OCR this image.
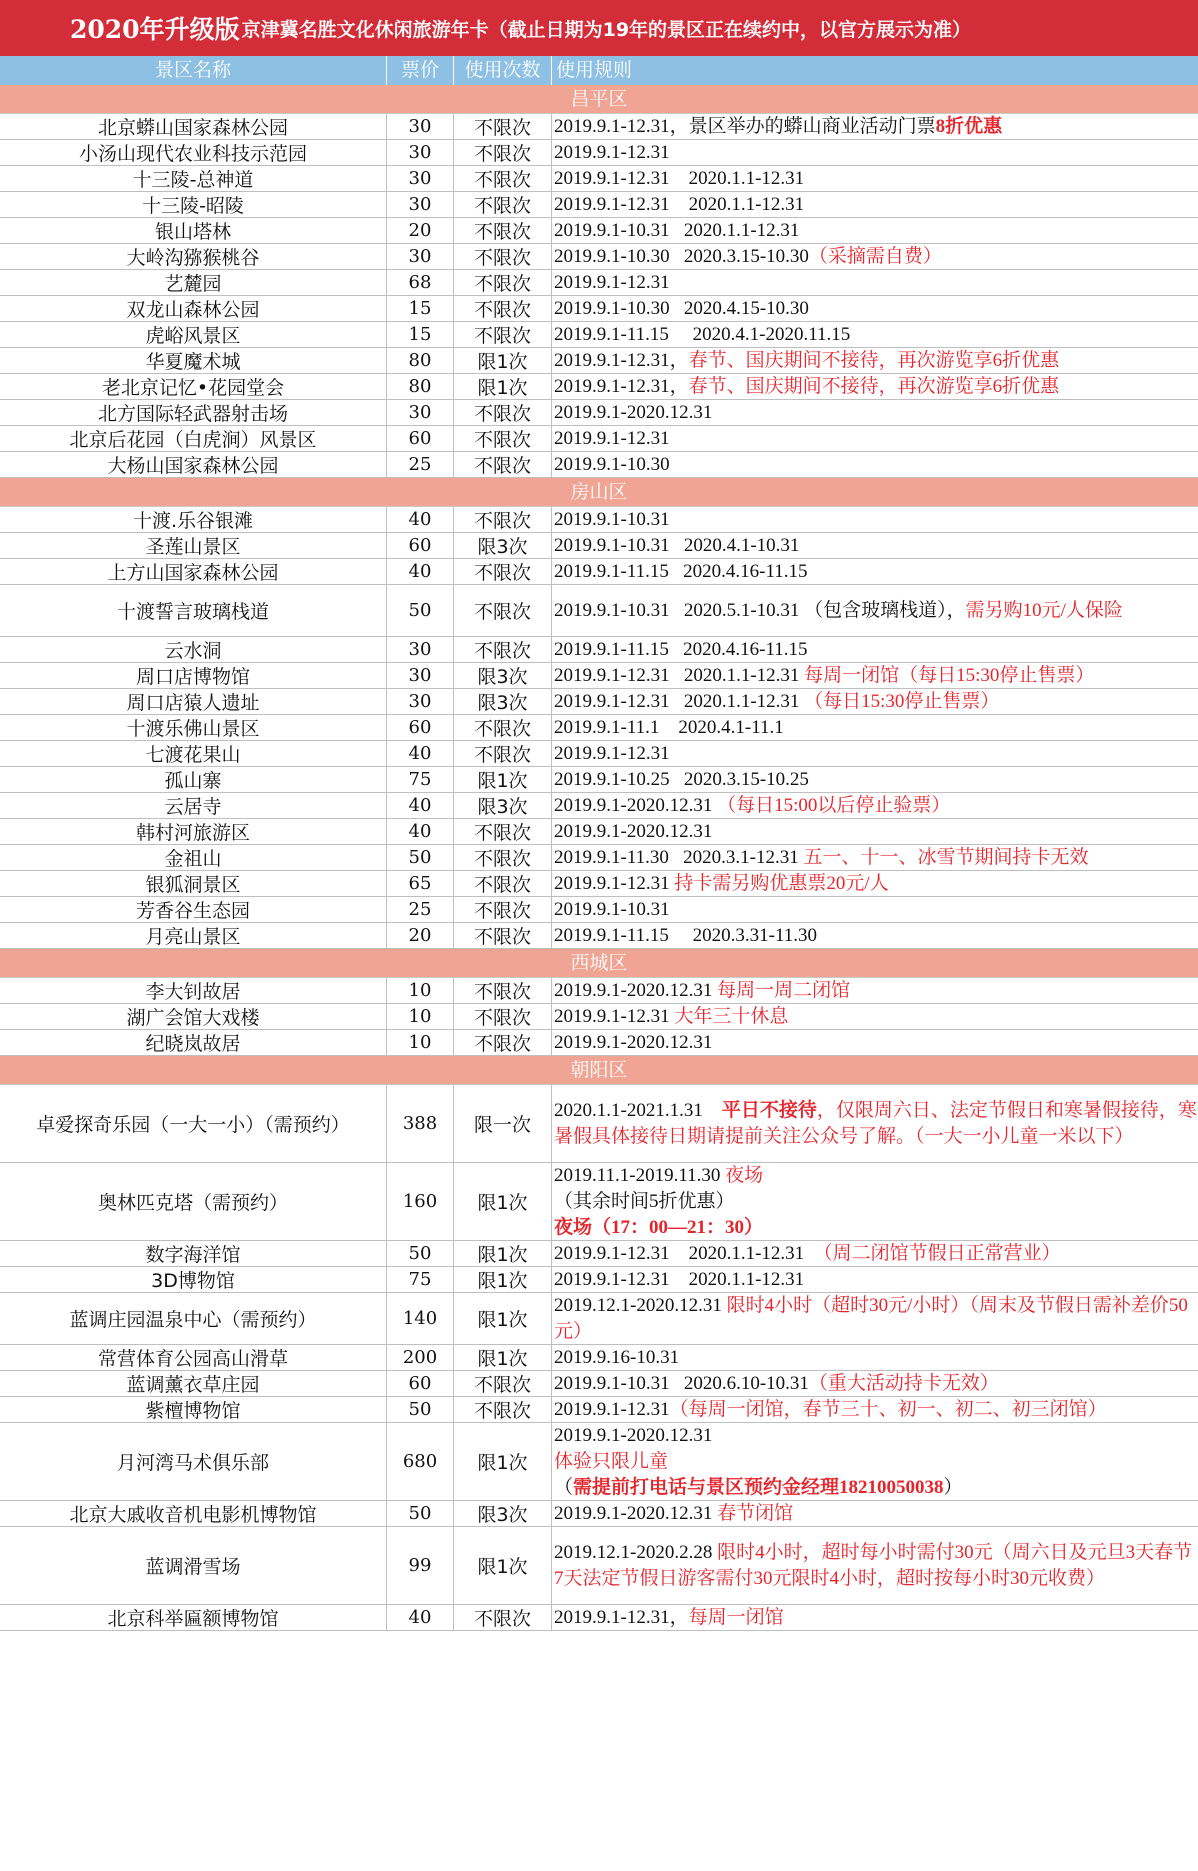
2020年升级版 京津冀名胜文化休闲旅游年卡（截止日期为19年的景区正在续约中，以官方展示为准）
景区名称	票价	使用次数 使用规则
昌平区
北京蟒山国家森林公园	30	不限次	2019.9.1-12.31，景区举办的蟒山商业活动门票8折优惠
小汤山现代农业科技示范园	30	不限次	2019.9.1-12.31
十三陵-总神道	30	不限次	2019.9.1-12.31    2020.1.1-12.31
十三陵-昭陵	30	不限次	2019.9.1-12.31    2020.1.1-12.31
银山塔林	20	不限次	2019.9.1-10.31   2020.1.1-12.31
大岭沟猕猴桃谷	30	不限次	2019.9.1-10.30   2020.3.15-10.30（采摘需自费）
艺麓园	68	不限次	2019.9.1-12.31
双龙山森林公园	15	不限次	2019.9.1-10.30   2020.4.15-10.30
虎峪风景区	15	不限次	2019.9.1-11.15     2020.4.1-2020.11.15
华夏魔术城	80	限1次	2019.9.1-12.31，春节、国庆期间不接待，再次游览享6折优惠
老北京记忆•花园堂会	80	限1次	2019.9.1-12.31，春节、国庆期间不接待，再次游览享6折优惠
北方国际轻武器射击场	30	不限次	2019.9.1-2020.12.31
北京后花园（白虎涧）风景区	60	不限次	2019.9.1-12.31
大杨山国家森林公园	25	不限次	2019.9.1-10.30
房山区
十渡.乐谷银滩	40	不限次	2019.9.1-10.31
圣莲山景区	60	限3次	2019.9.1-10.31   2020.4.1-10.31
上方山国家森林公园	40	不限次	2019.9.1-11.15   2020.4.16-11.15
十渡誓言玻璃栈道	50	不限次	2019.9.1-10.31   2020.5.1-10.31 （包含玻璃栈道），需另购10元/人保险
云水洞	30	不限次	2019.9.1-11.15   2020.4.16-11.15
周口店博物馆	30	限3次	2019.9.1-12.31   2020.1.1-12.31 每周一闭馆（每日15:30停止售票）
周口店猿人遗址	30	限3次	2019.9.1-12.31   2020.1.1-12.31 （每日15:30停止售票）
十渡乐佛山景区	60	不限次	2019.9.1-11.1    2020.4.1-11.1
七渡花果山	40	不限次	2019.9.1-12.31
孤山寨	75	限1次	2019.9.1-10.25   2020.3.15-10.25
云居寺	40	限3次	2019.9.1-2020.12.31 （每日15:00以后停止验票）
韩村河旅游区	40	不限次	2019.9.1-2020.12.31
金祖山	50	不限次	2019.9.1-11.30   2020.3.1-12.31 五一、十一、冰雪节期间持卡无效
银狐洞景区	65	不限次	2019.9.1-12.31 持卡需另购优惠票20元/人
芳香谷生态园	25	不限次	2019.9.1-10.31
月亮山景区	20	不限次	2019.9.1-11.15     2020.3.31-11.30
西城区
李大钊故居	10	不限次	2019.9.1-2020.12.31 每周一周二闭馆
湖广会馆大戏楼	10	不限次	2019.9.1-12.31 大年三十休息
纪晓岚故居	10	不限次	2019.9.1-2020.12.31
朝阳区
卓爱探奇乐园（一大一小）（需预约）	388	限一次
2020.1.1-2021.1.31    平日不接待，仅限周六日、法定节假日和寒暑假接待，寒暑假具体接待日期请提前关注公众号了解。（一大一小儿童一米以下）
奥林匹克塔（需预约）	160	限1次
2019.11.1-2019.11.30 夜场
（其余时间5折优惠）
夜场（17：00—21：30）
数字海洋馆	50	限1次	2019.9.1-12.31    2020.1.1-12.31  （周二闭馆节假日正常营业）
3D博物馆	75	限1次	2019.9.1-12.31    2020.1.1-12.31
蓝调庄园温泉中心（需预约）	140	限1次
2019.12.1-2020.12.31 限时4小时（超时30元/小时）（周末及节假日需补差价50元）
常营体育公园高山滑草	200	限1次	2019.9.16-10.31
蓝调薰衣草庄园	60	不限次	2019.9.1-10.31   2020.6.10-10.31（重大活动持卡无效）
紫檀博物馆	50	不限次	2019.9.1-12.31（每周一闭馆，春节三十、初一、初二、初三闭馆）
月河湾马术俱乐部	680	限1次
2019.9.1-2020.12.31
体验只限儿童
（需提前打电话与景区预约金经理18210050038）
北京大戚收音机电影机博物馆	50	限3次	2019.9.1-2020.12.31 春节闭馆
蓝调滑雪场	99	限1次
2019.12.1-2020.2.28 限时4小时，超时每小时需付30元（周六日及元旦3天春节7天法定节假日游客需付30元限时4小时，超时按每小时30元收费）
北京科举匾额博物馆	40	不限次	2019.9.1-12.31，每周一闭馆
